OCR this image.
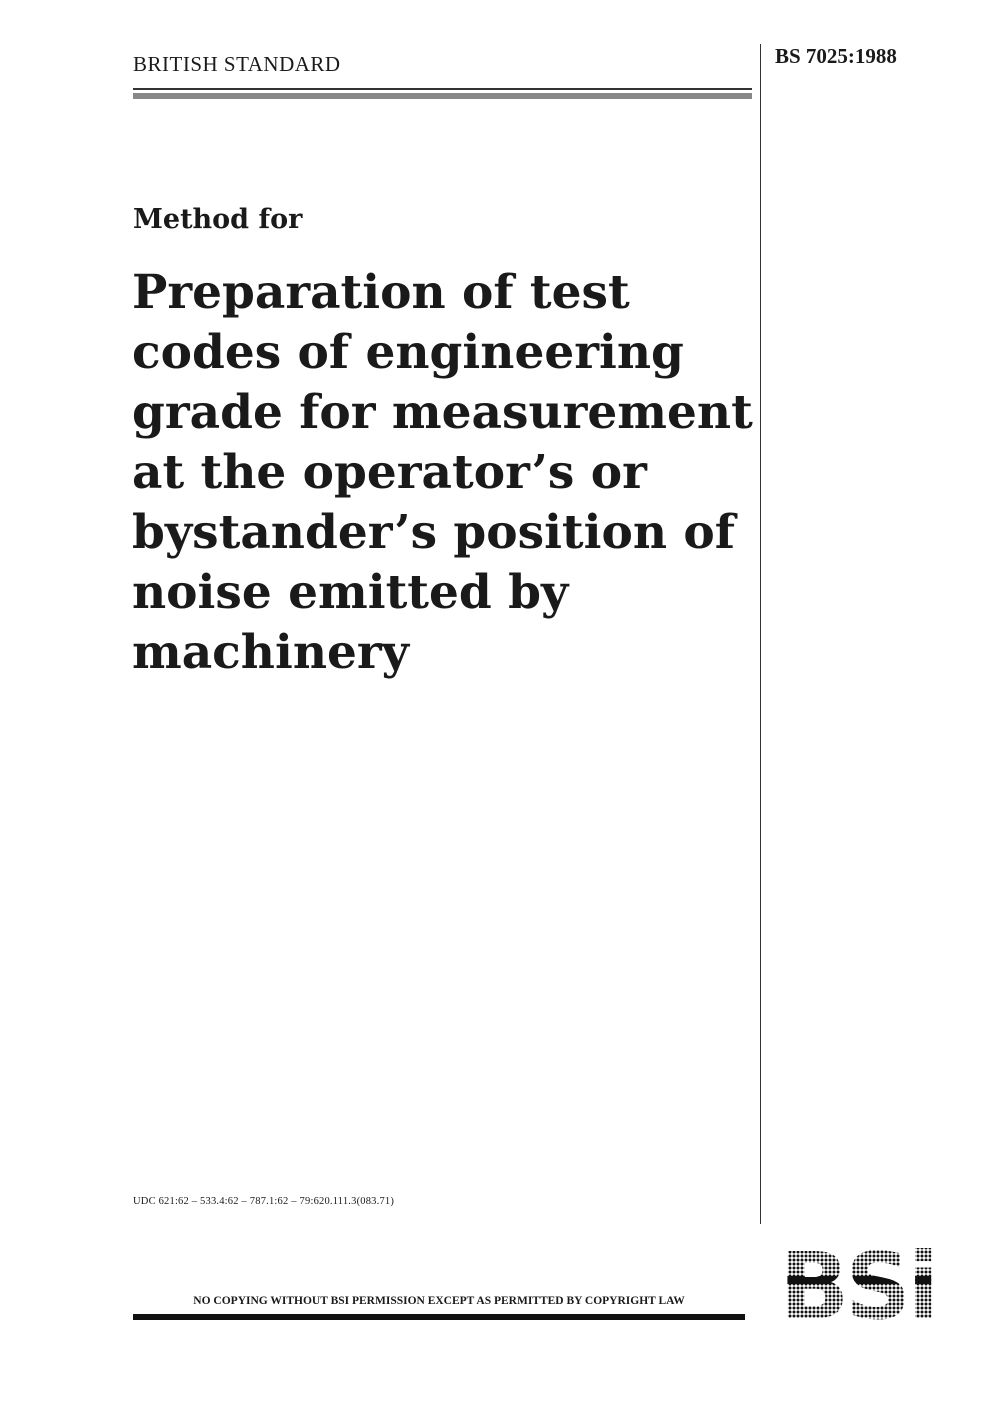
BRITISH STANDARD	BS 7025:1988
Method for
Preparation of test
codes of engineering
grade for measurement
at the operator’s or
bystander’s position of
noise emitted by
machinery
UDC 621:62 – 533.4:62 – 787.1:62 – 79:620.111.3(083.71)
NO COPYING WITHOUT BSI PERMISSION EXCEPT AS PERMITTED BY COPYRIGHT LAW
